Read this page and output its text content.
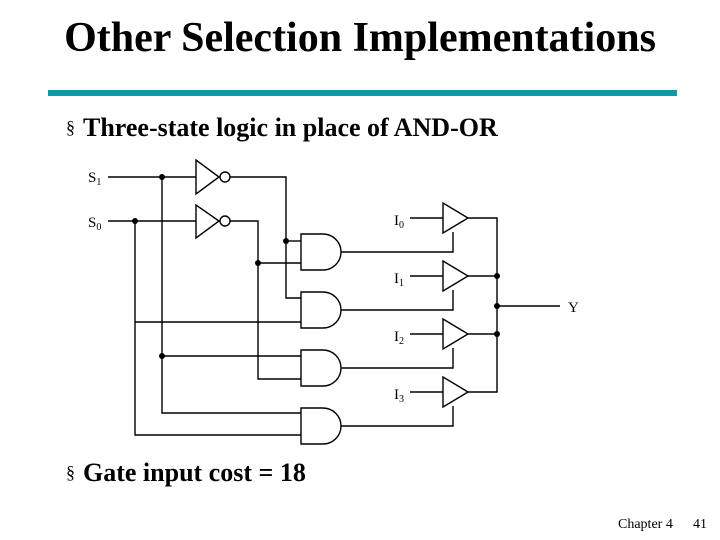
Other Selection Implementations
§ Three-state logic in place of AND-OR
$S_1$
$S_0$	$I_0$
$I_1$
$I_2$
$I_3$
Y
§ Gate input cost = 18
Chapter 4 41
